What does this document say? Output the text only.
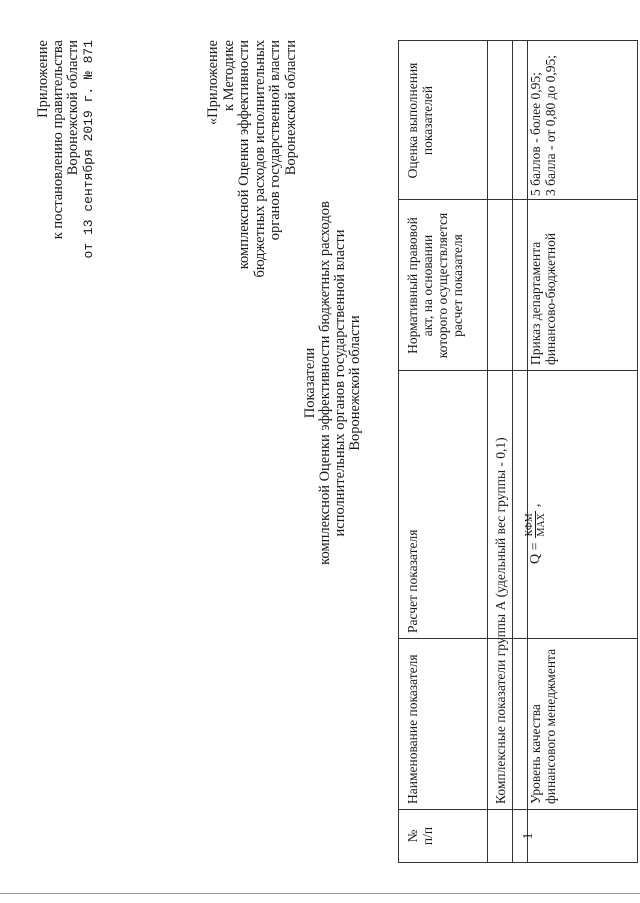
Приложение к постановлению правительства Воронежской области от 13 сентября 2019 г. № 871	«Приложение к Методике комплексной Оценки эффективности бюджетных расходов исполнительных органов государственной власти Воронежской области
Показатели комплексной Оценки эффективности бюджетных расходов исполнительных органов государственной власти Воронежской области
№ п/п
Наименование показателя
Расчет показателя
Нормативный правовой акт, на основании которого осуществляется расчет показателя
Оценка выполнения показателей
Комплексные показатели группы А (удельный вес группы - 0,1)
1
Уровень качества финансового менеджмента
Q =
КФМ MAX
,
Приказ департамента финансово-бюджетной
5 баллов - более 0,95; 3 балла - от 0,80 до 0,95;
